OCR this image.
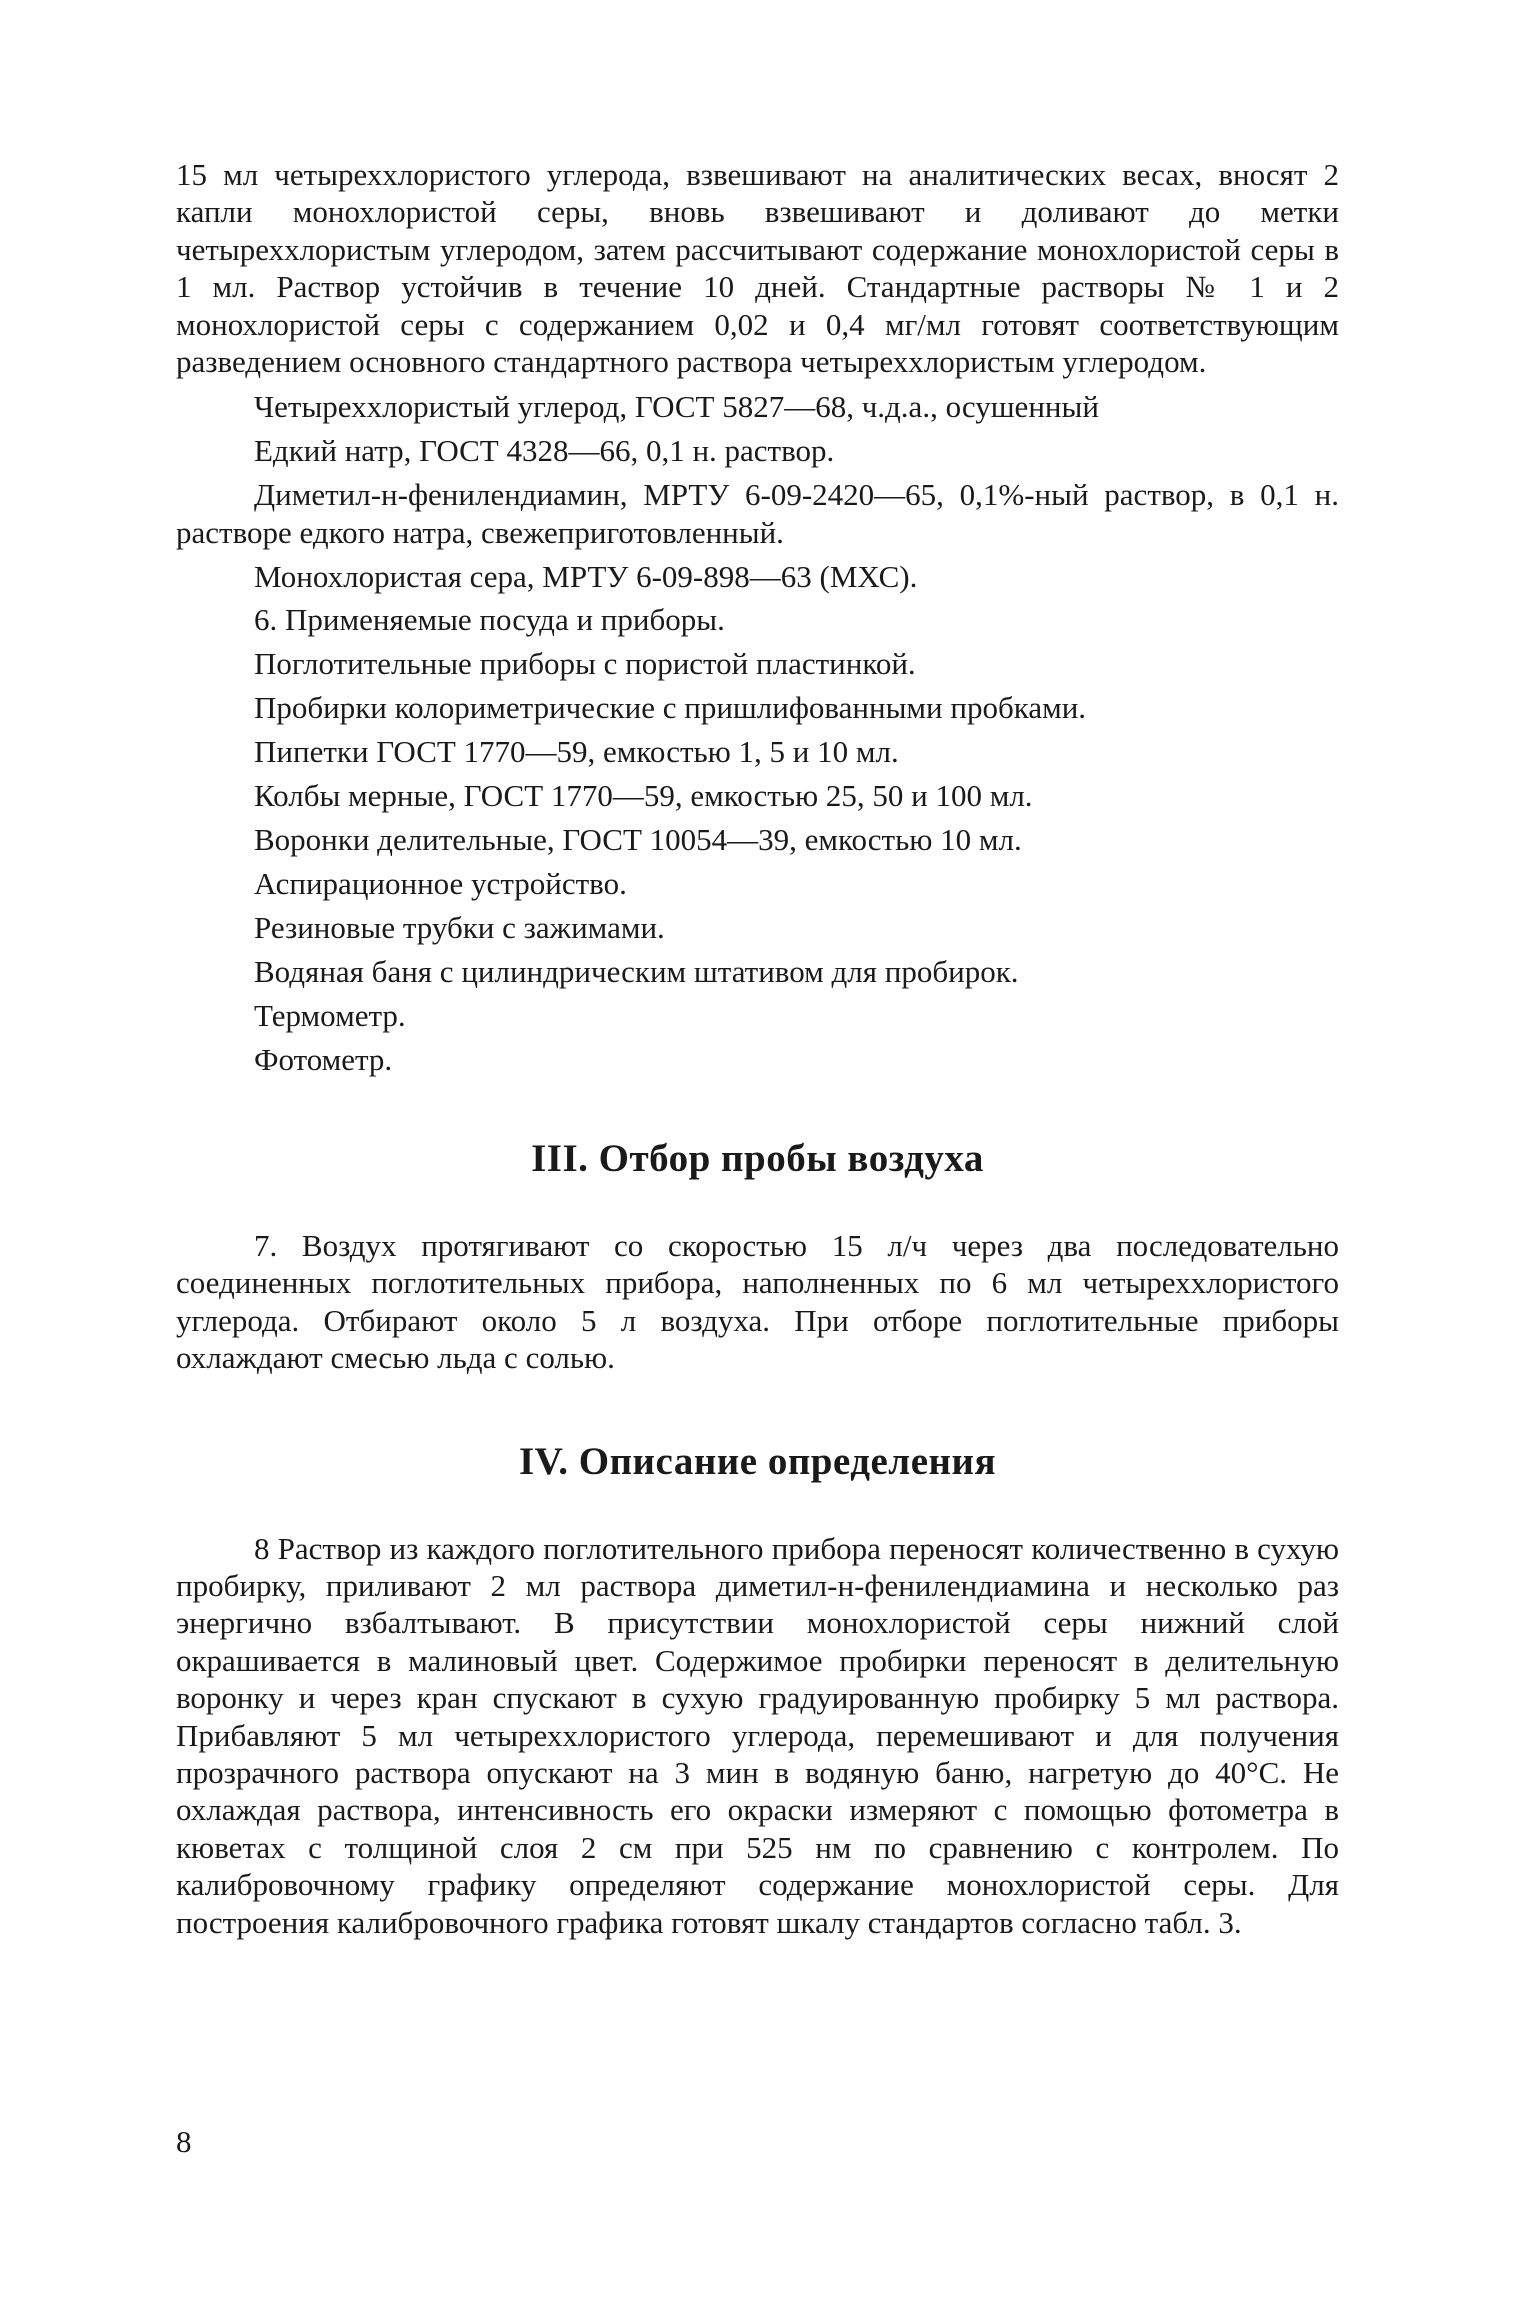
15 мл четыреххлористого углерода, взвешивают на аналитических весах, вносят 2 капли монохлористой серы, вновь взвешивают и доливают до метки четыреххлористым углеродом, затем рассчитывают содержание монохлористой серы в 1 мл. Раствор устойчив в течение 10 дней. Стандартные растворы № 1 и 2 монохлористой серы с содержанием 0,02 и 0,4 мг/мл готовят соответствующим разведением основного стандартного раствора четыреххлористым углеродом.

Четыреххлористый углерод, ГОСТ 5827—68, ч.д.а., осушенный

Едкий натр, ГОСТ 4328—66, 0,1 н. раствор.

Диметил-н-фенилендиамин, МРТУ 6-09-2420—65, 0,1%-ный раствор, в 0,1 н. растворе едкого натра, свежеприготовленный.

Монохлористая сера, МРТУ 6-09-898—63 (МХС).

6. Применяемые посуда и приборы.

Поглотительные приборы с пористой пластинкой.

Пробирки колориметрические с пришлифованными пробками.

Пипетки ГОСТ 1770—59, емкостью 1, 5 и 10 мл.

Колбы мерные, ГОСТ 1770—59, емкостью 25, 50 и 100 мл.

Воронки делительные, ГОСТ 10054—39, емкостью 10 мл.

Аспирационное устройство.

Резиновые трубки с зажимами.

Водяная баня с цилиндрическим штативом для пробирок.

Термометр.

Фотометр.

III. Отбор пробы воздуха

7. Воздух протягивают со скоростью 15 л/ч через два последовательно соединенных поглотительных прибора, наполненных по 6 мл четыреххлористого углерода. Отбирают около 5 л воздуха. При отборе поглотительные приборы охлаждают смесью льда с солью.

IV. Описание определения

8 Раствор из каждого поглотительного прибора переносят количественно в сухую пробирку, приливают 2 мл раствора диметил-н-фенилендиамина и несколько раз энергично взбалтывают. В присутствии монохлористой серы нижний слой окрашивается в малиновый цвет. Содержимое пробирки переносят в делительную воронку и через кран спускают в сухую градуированную пробирку 5 мл раствора. Прибавляют 5 мл четыреххлористого углерода, перемешивают и для получения прозрачного раствора опускают на 3 мин в водяную баню, нагретую до 40°С. Не охлаждая раствора, интенсивность его окраски измеряют с помощью фотометра в кюветах с толщиной слоя 2 см при 525 нм по сравнению с контролем. По калибровочному графику определяют содержание монохлористой серы. Для построения калибровочного графика готовят шкалу стандартов согласно табл. 3.

8
